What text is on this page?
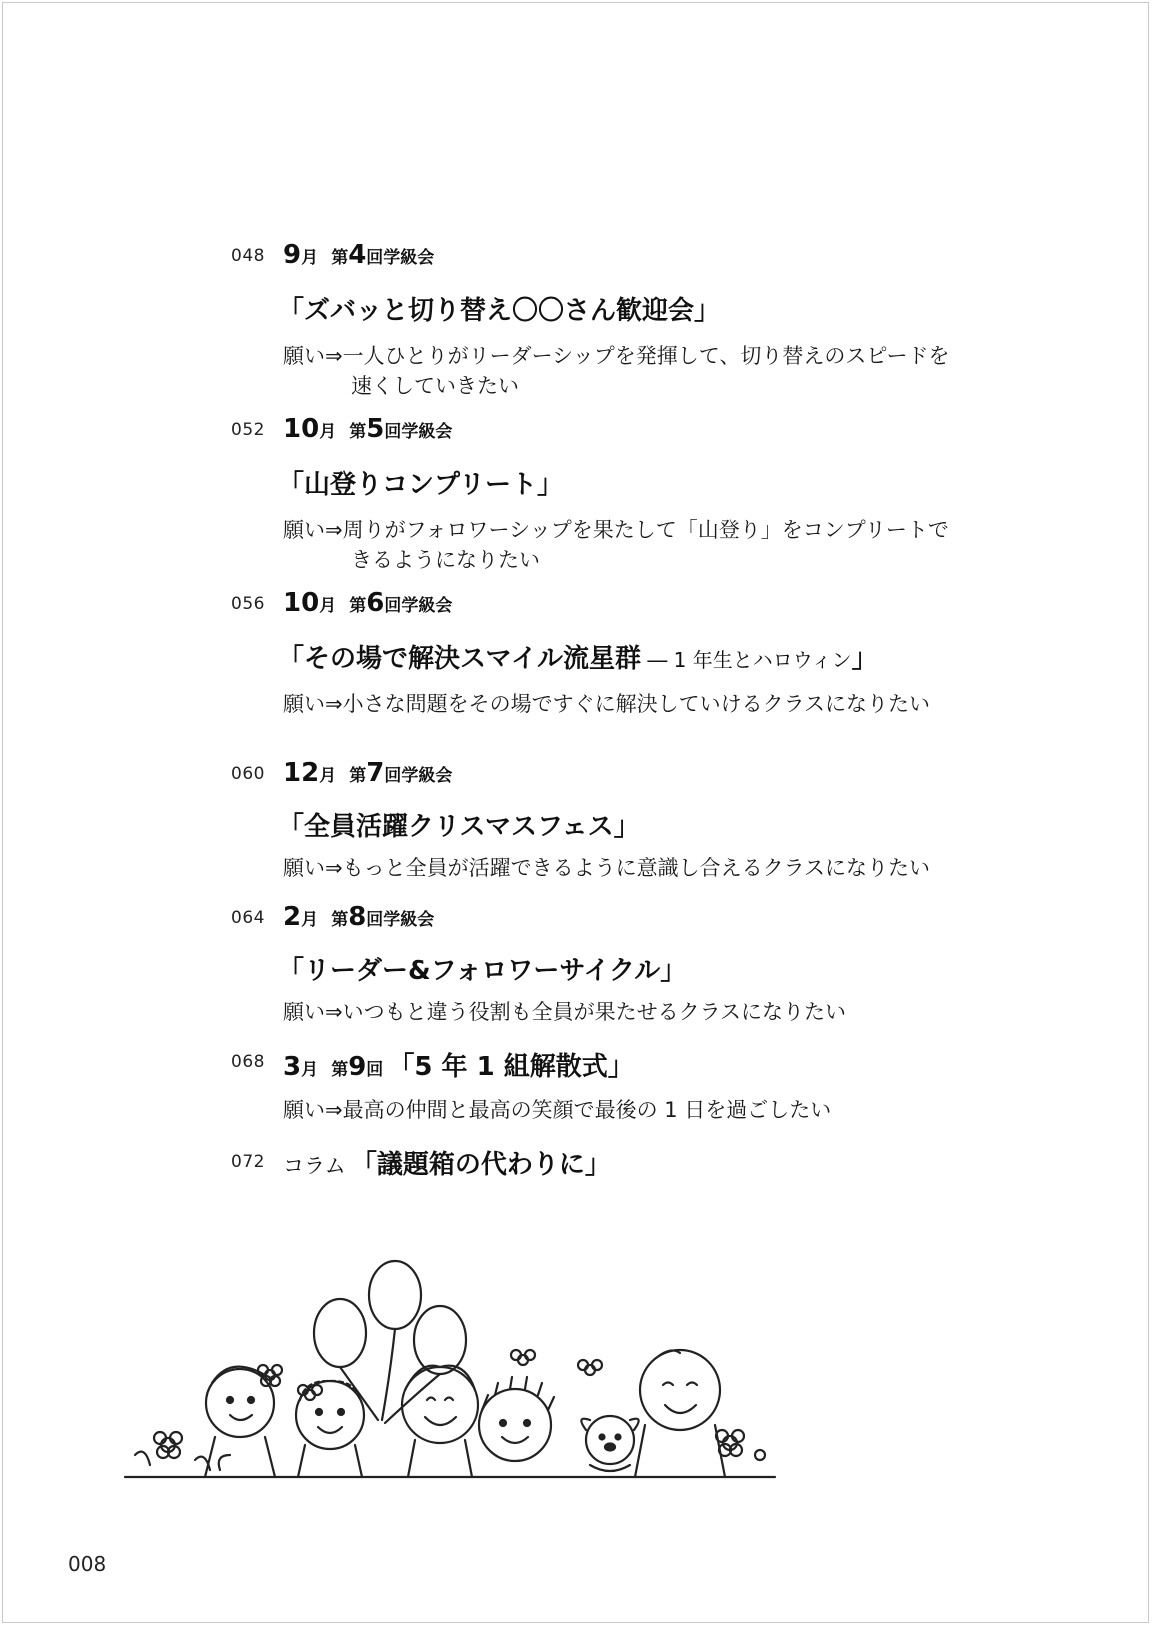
048 9月 第4回学級会
「ズバッと切り替え〇〇さん歓迎会」
願い⇒一人ひとりがリーダーシップを発揮して、切り替えのスピードを
速くしていきたい
052 10月 第5回学級会
「山登りコンプリート」
願い⇒周りがフォロワーシップを果たして「山登り」をコンプリートで
きるようになりたい
056 10月 第6回学級会
「その場で解決スマイル流星群 ― 1 年生とハロウィン」
願い⇒小さな問題をその場ですぐに解決していけるクラスになりたい
060 12月 第7回学級会
「全員活躍クリスマスフェス」
願い⇒もっと全員が活躍できるように意識し合えるクラスになりたい
064 2月 第8回学級会
「リーダー&フォロワーサイクル」
願い⇒いつもと違う役割も全員が果たせるクラスになりたい
068 3月 第9回 「5 年 1 組解散式」
願い⇒最高の仲間と最高の笑顔で最後の 1 日を過ごしたい
072 コラム 「議題箱の代わりに」
008
